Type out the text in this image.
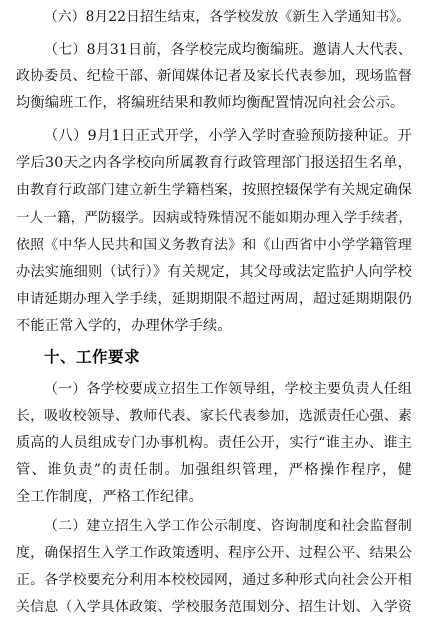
（六）8月22日招生结束，各学校发放《新生入学通知书》。
（七）8月31日前，各学校完成均衡编班。邀请人大代表、
政协委员、纪检干部、新闻媒体记者及家长代表参加，现场监督
均衡编班工作，将编班结果和教师均衡配置情况向社会公示。
（八）9月1日正式开学，小学入学时查验预防接种证。开
学后30天之内各学校向所属教育行政管理部门报送招生名单，
由教育行政部门建立新生学籍档案，按照控辍保学有关规定确保
一人一籍，严防辍学。因病或特殊情况不能如期办理入学手续者，
依照《中华人民共和国义务教育法》和《山西省中小学学籍管理
办法实施细则（试行）》有关规定，其父母或法定监护人向学校
申请延期办理入学手续，延期期限不超过两周，超过延期期限仍
不能正常入学的，办理休学手续。
十、工作要求
（一）各学校要成立招生工作领导组，学校主要负责人任组
长，吸收校领导、教师代表、家长代表参加，选派责任心强、素
质高的人员组成专门办事机构。责任公开，实行“谁主办、谁主
管、谁负责”的责任制。加强组织管理，严格操作程序，健
全工作制度，严格工作纪律。
（二）建立招生入学工作公示制度、咨询制度和社会监督制
度，确保招生入学工作政策透明、程序公开、过程公平、结果公
正。各学校要充分利用本校校园网，通过多种形式向社会公开相
关信息（入学具体政策、学校服务范围划分、招生计划、入学资
